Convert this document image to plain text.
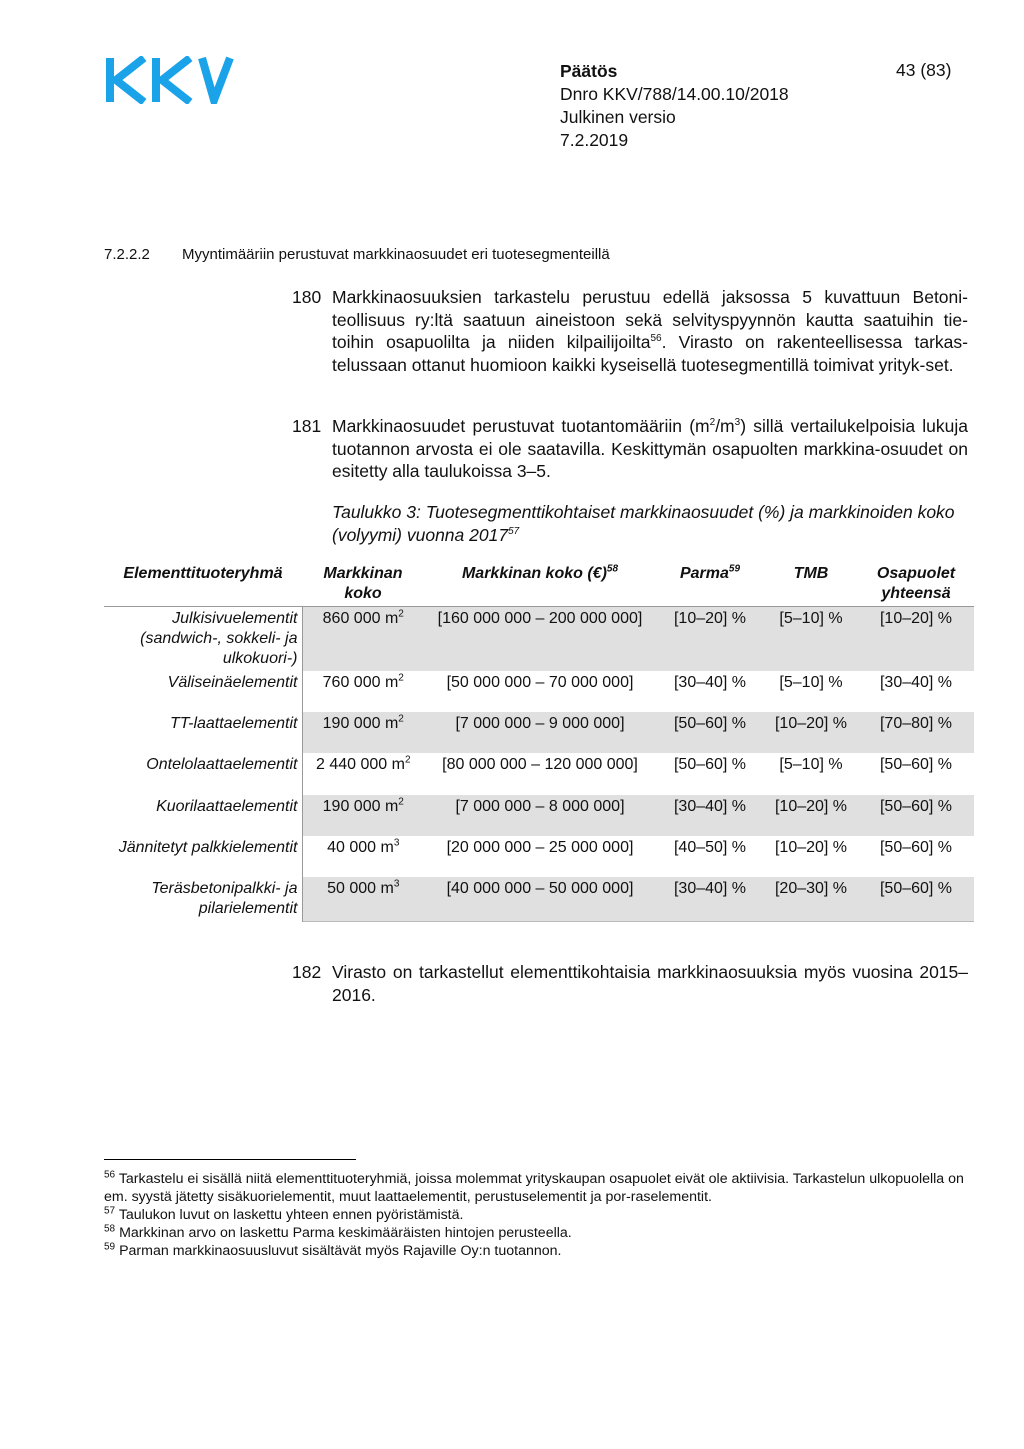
Päätös
Dnro KKV/788/14.00.10/2018
Julkinen versio
7.2.2019
43 (83)
7.2.2.2 Myyntimääriin perustuvat markkinaosuudet eri tuotesegmenteillä
180 Markkinaosuuksien tarkastelu perustuu edellä jaksossa 5 kuvattuun Betoni-teollisuus ry:ltä saatuun aineistoon sekä selvityspyynnön kautta saatuihin tie-toihin osapuolilta ja niiden kilpailijoilta$^{56}$. Virasto on rakenteellisessa tarkas-telussaan ottanut huomioon kaikki kyseisellä tuotesegmentillä toimivat yrityk-set.
181 Markkinaosuudet perustuvat tuotantomääriin $(m^2/m^3)$ sillä vertailukelpoisia lukuja tuotannon arvosta ei ole saatavilla. Keskittymän osapuolten markkina-osuudet on esitetty alla taulukoissa 3–5.
Taulukko 3: Tuotesegmenttikohtaiset markkinaosuudet (%) ja markkinoiden koko (volyymi) vuonna 2017$^{57}$
Elementtituoteryhmä	Markkinan koko	Markkinan koko (€)$^{58}$	Parma$^{59}$	TMB	Osapuolet yhteensä
Julkisivuelementit (sandwich-, sokkeli- ja ulkokuori-)	860 000 $m^2$	[160 000 000 – 200 000 000]	[10–20] %	[5–10] %	[10–20] %
Väliseinäelementit	760 000 $m^2$	[50 000 000 – 70 000 000]	[30–40] %	[5–10] %	[30–40] %
TT-laattaelementit	190 000 $m^2$	[7 000 000 – 9 000 000]	[50–60] %	[10–20] %	[70–80] %
Ontelolaattaelementit	2 440 000 $m^2$	[80 000 000 – 120 000 000]	[50–60] %	[5–10] %	[50–60] %
Kuorilaattaelementit	190 000 $m^2$	[7 000 000 – 8 000 000]	[30–40] %	[10–20] %	[50–60] %
Jännitetyt palkkielementit	40 000 $m^3$	[20 000 000 – 25 000 000]	[40–50] %	[10–20] %	[50–60] %
Teräsbetonipalkki- ja pilarielementit	50 000 $m^3$	[40 000 000 – 50 000 000]	[30–40] %	[20–30] %	[50–60] %
182 Virasto on tarkastellut elementtikohtaisia markkinaosuuksia myös vuosina 2015–2016.

$^{56}$ Tarkastelu ei sisällä niitä elementtituoteryhmiä, joissa molemmat yrityskaupan osapuolet eivät ole aktiivisia. Tarkastelun ulkopuolella on em. syystä jätetty sisäkuorielementit, muut laattaelementit, perustuselementit ja por-raselementit.

$^{57}$ Taulukon luvut on laskettu yhteen ennen pyöristämistä.

$^{58}$ Markkinan arvo on laskettu Parma keskimääräisten hintojen perusteella.

$^{59}$ Parman markkinaosuusluvut sisältävät myös Rajaville Oy:n tuotannon.
